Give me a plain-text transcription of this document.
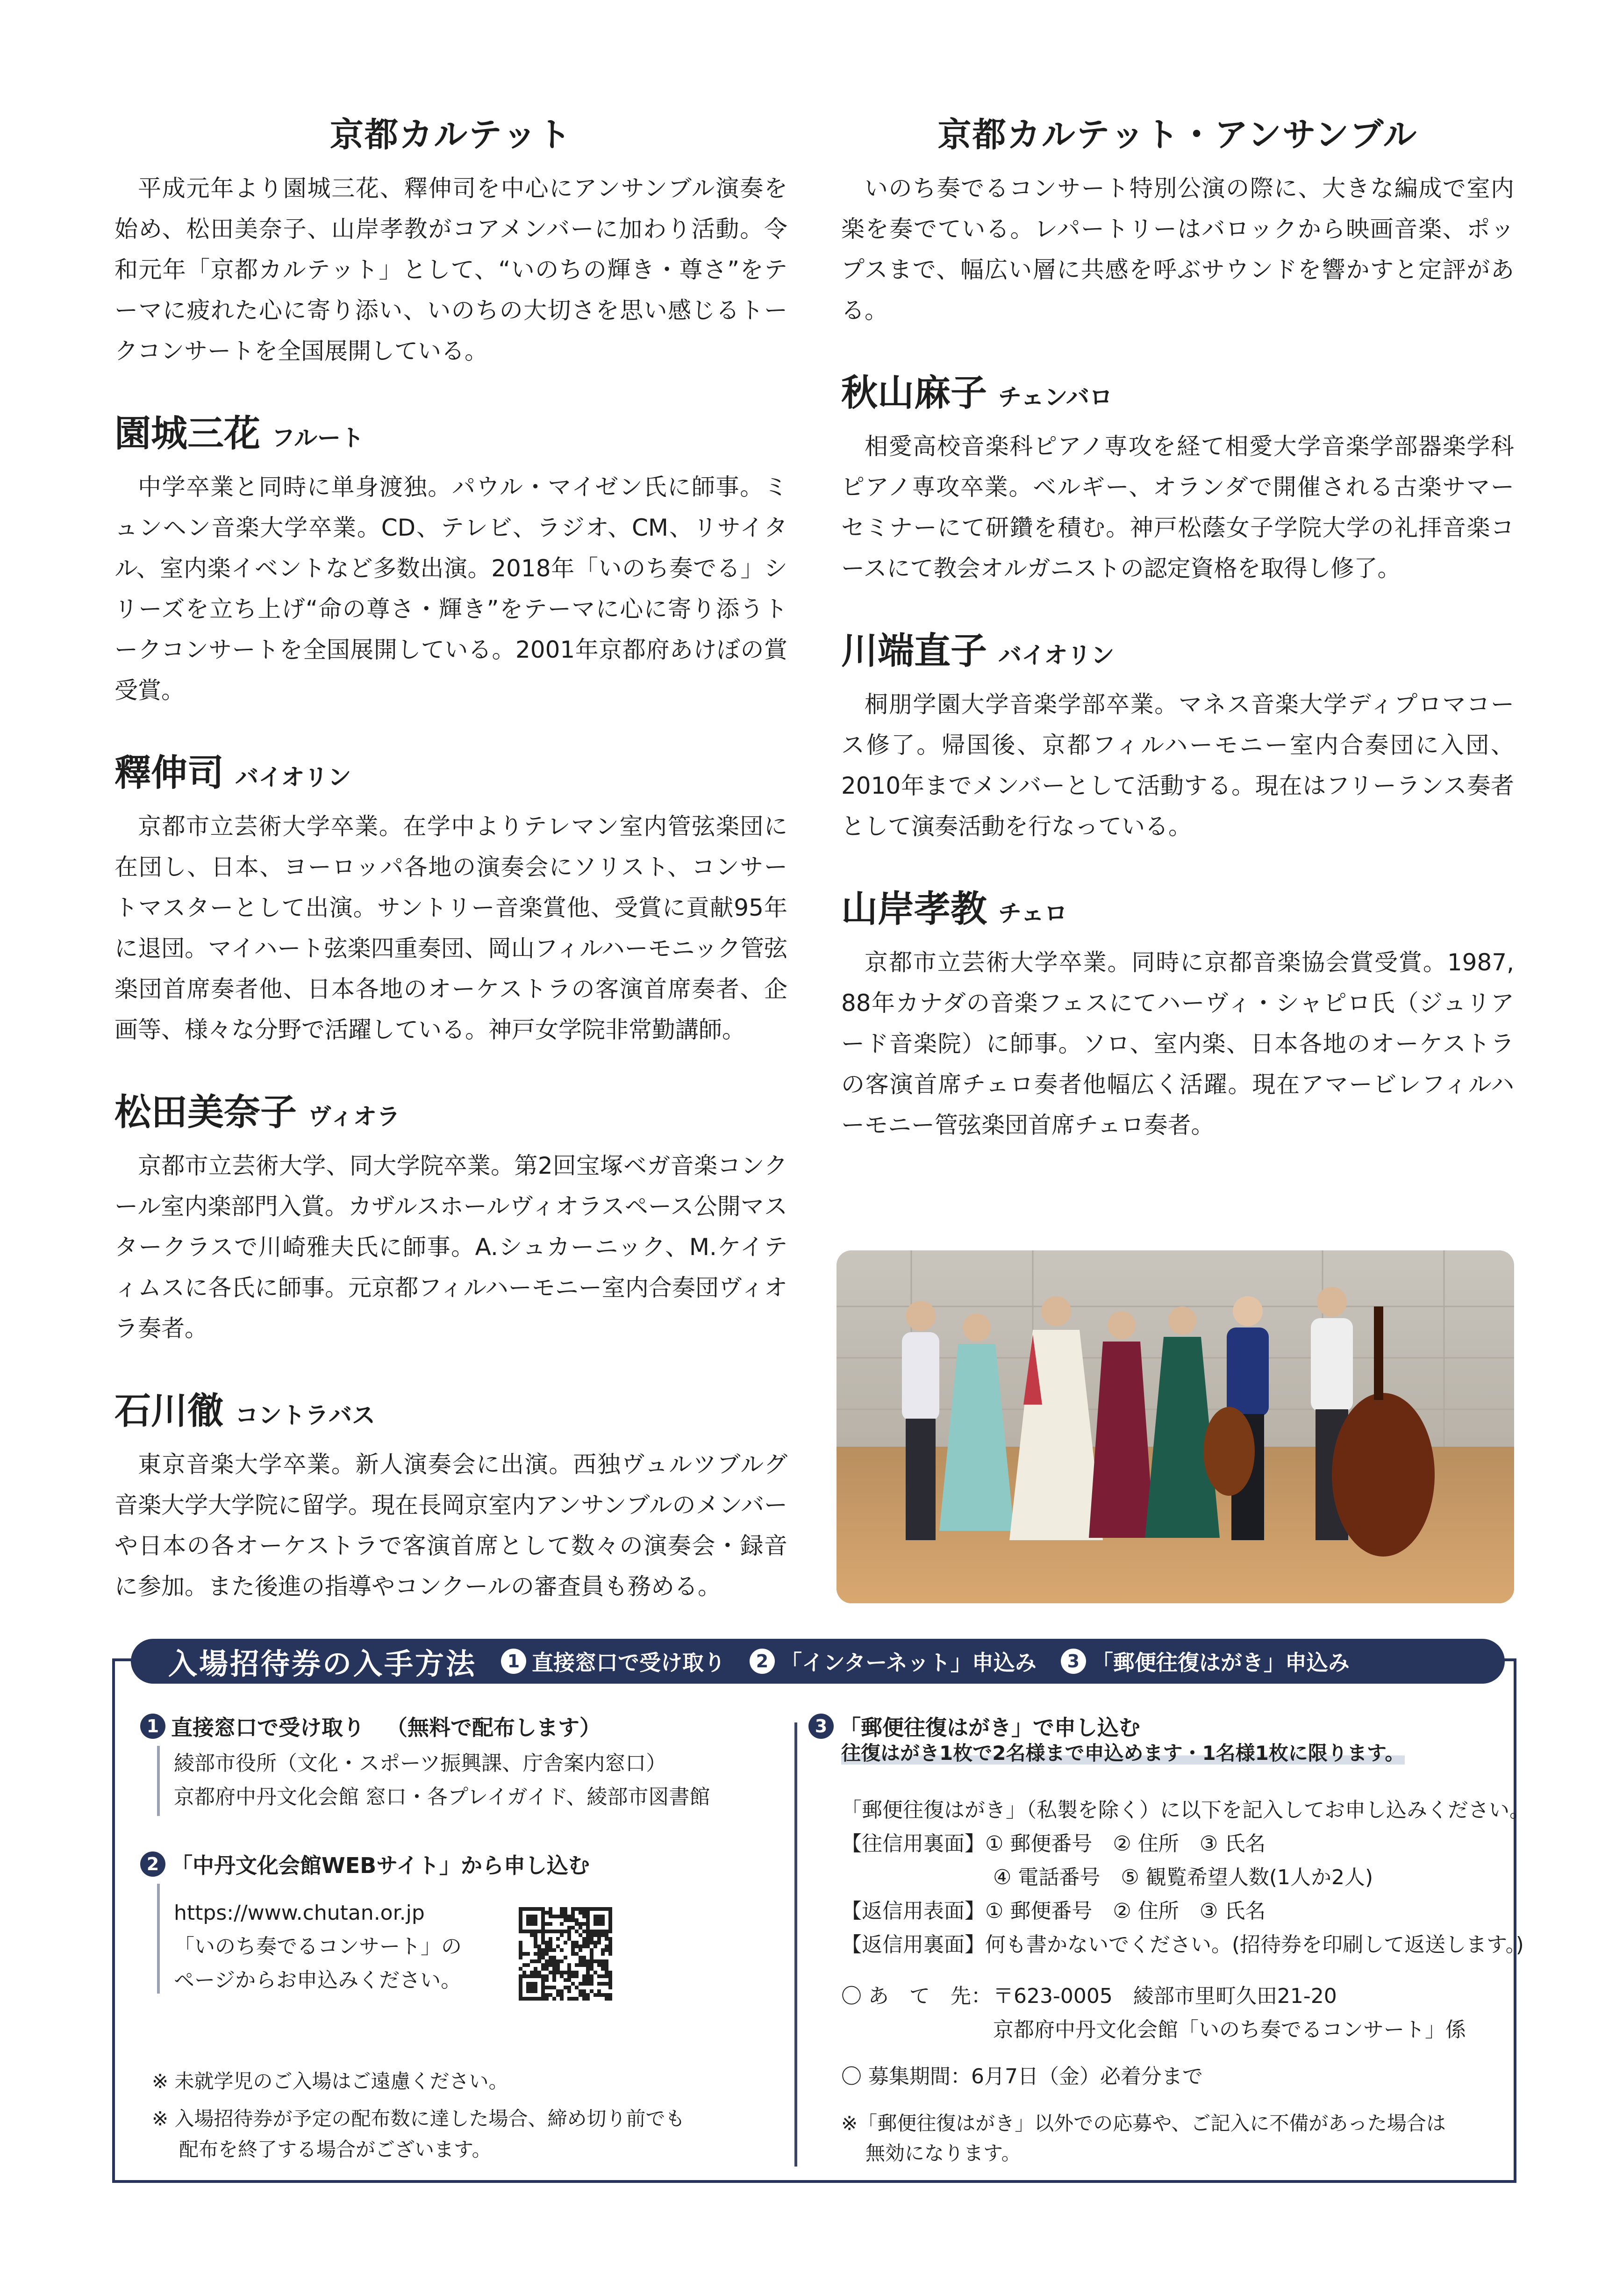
京都カルテット

平成元年より園城三花、釋伸司を中心にアンサンブル演奏を始め、松田美奈子、山岸孝教がコアメンバーに加わり活動。令和元年「京都カルテット」として、“いのちの輝き・尊さ”をテーマに疲れた心に寄り添い、いのちの大切さを思い感じるトークコンサートを全国展開している。

園城三花 フルート

中学卒業と同時に単身渡独。パウル・マイゼン氏に師事。ミュンヘン音楽大学卒業。CD、テレビ、ラジオ、CM、リサイタル、室内楽イベントなど多数出演。2018年「いのち奏でる」シリーズを立ち上げ“命の尊さ・輝き”をテーマに心に寄り添うトークコンサートを全国展開している。2001年京都府あけぼの賞受賞。

釋伸司 バイオリン

京都市立芸術大学卒業。在学中よりテレマン室内管弦楽団に在団し、日本、ヨーロッパ各地の演奏会にソリスト、コンサートマスターとして出演。サントリー音楽賞他、受賞に貢献95年に退団。マイハート弦楽四重奏団、岡山フィルハーモニック管弦楽団首席奏者他、日本各地のオーケストラの客演首席奏者、企画等、様々な分野で活躍している。神戸女学院非常勤講師。

松田美奈子 ヴィオラ

京都市立芸術大学、同大学院卒業。第2回宝塚ベガ音楽コンクール室内楽部門入賞。カザルスホールヴィオラスペース公開マスタークラスで川崎雅夫氏に師事。A.シュカーニック、M.ケイティムスに各氏に師事。元京都フィルハーモニー室内合奏団ヴィオラ奏者。

石川徹 コントラバス

東京音楽大学卒業。新人演奏会に出演。西独ヴュルツブルグ音楽大学大学院に留学。現在長岡京室内アンサンブルのメンバーや日本の各オーケストラで客演首席として数々の演奏会・録音に参加。また後進の指導やコンクールの審査員も務める。

京都カルテット・アンサンブル

いのち奏でるコンサート特別公演の際に、大きな編成で室内楽を奏でている。レパートリーはバロックから映画音楽、ポップスまで、幅広い層に共感を呼ぶサウンドを響かすと定評がある。

秋山麻子 チェンバロ

相愛高校音楽科ピアノ専攻を経て相愛大学音楽学部器楽学科ピアノ専攻卒業。ベルギー、オランダで開催される古楽サマーセミナーにて研鑽を積む。神戸松蔭女子学院大学の礼拝音楽コースにて教会オルガニストの認定資格を取得し修了。

川端直子 バイオリン

桐朋学園大学音楽学部卒業。マネス音楽大学ディプロマコース修了。帰国後、京都フィルハーモニー室内合奏団に入団、2010年までメンバーとして活動する。現在はフリーランス奏者として演奏活動を行なっている。

山岸孝教 チェロ

京都市立芸術大学卒業。同時に京都音楽協会賞受賞。1987, 88年カナダの音楽フェスにてハーヴィ・シャピロ氏（ジュリアード音楽院）に師事。ソロ、室内楽、日本各地のオーケストラの客演首席チェロ奏者他幅広く活躍。現在アマービレフィルハーモニー管弦楽団首席チェロ奏者。

入場招待券の入手方法	1 直接窓口で受け取り	2 「インターネット」申込み	3 「郵便往復はがき」申込み
1 直接窓口で受け取り （無料で配布します）
綾部市役所（文化・スポーツ振興課、庁舎案内窓口）
京都府中丹文化会館 窓口・各プレイガイド、綾部市図書館
2 「中丹文化会館WEBサイト」から申し込む
https://www.chutan.or.jp
「いのち奏でるコンサート」の
ページからお申込みください。
※ 未就学児のご入場はご遠慮ください。
※ 入場招待券が予定の配布数に達した場合、締め切り前でも
配布を終了する場合がございます。
3 「郵便往復はがき」で申し込む
往復はがき1枚で2名様まで申込めます・1名様1枚に限ります。
「郵便往復はがき」（私製を除く）に以下を記入してお申し込みください。
【往信用裏面】① 郵便番号　② 住所　③ 氏名
④ 電話番号　⑤ 観覧希望人数(1人か2人)
【返信用表面】① 郵便番号　② 住所　③ 氏名
【返信用裏面】何も書かないでください。(招待券を印刷して返送します。)
〇 あ　て　先： 〒623-0005　綾部市里町久田21-20
京都府中丹文化会館「いのち奏でるコンサート」係
〇 募集期間：6月7日（金）必着分まで
※「郵便往復はがき」以外での応募や、ご記入に不備があった場合は
無効になります。
